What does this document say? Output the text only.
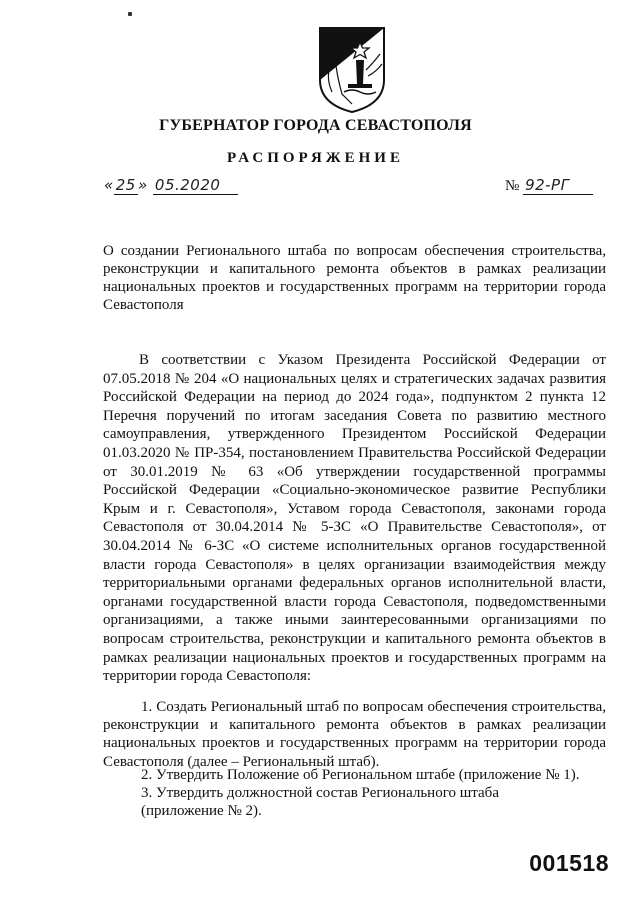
ГУБЕРНАТОР ГОРОДА СЕВАСТОПОЛЯ
РАСПОРЯЖЕНИЕ
« 25 » 05.2020	№ 92-РГ
О создании Регионального штаба по вопросам обеспечения строительства, реконструкции и капитального ремонта объектов в рамках реализации национальных проектов и государственных программ на территории города Севастополя
В соответствии с Указом Президента Российской Федерации от 07.05.2018 № 204 «О национальных целях и стратегических задачах развития Российской Федерации на период до 2024 года», подпунктом 2 пункта 12 Перечня поручений по итогам заседания Совета по развитию местного самоуправления, утвержденного Президентом Российской Федерации 01.03.2020 № ПР-354, постановлением Правительства Российской Федерации от 30.01.2019 № 63 «Об утверждении государственной программы Российской Федерации «Социально-экономическое развитие Республики Крым и г. Севастополя», Уставом города Севастополя, законами города Севастополя от 30.04.2014 № 5-ЗС «О Правительстве Севастополя», от 30.04.2014 № 6-ЗС «О системе исполнительных органов государственной власти города Севастополя» в целях организации взаимодействия между территориальными органами федеральных органов исполнительной власти, органами государственной власти города Севастополя, подведомственными организациями, а также иными заинтересованными организациями по вопросам строительства, реконструкции и капитального ремонта объектов в рамках реализации национальных проектов и государственных программ на территории города Севастополя:
1. Создать Региональный штаб по вопросам обеспечения строительства, реконструкции и капитального ремонта объектов в рамках реализации национальных проектов и государственных программ на территории города Севастополя (далее – Региональный штаб).
2. Утвердить Положение об Региональном штабе (приложение № 1).
3. Утвердить должностной состав Регионального штаба
(приложение № 2).
001518
